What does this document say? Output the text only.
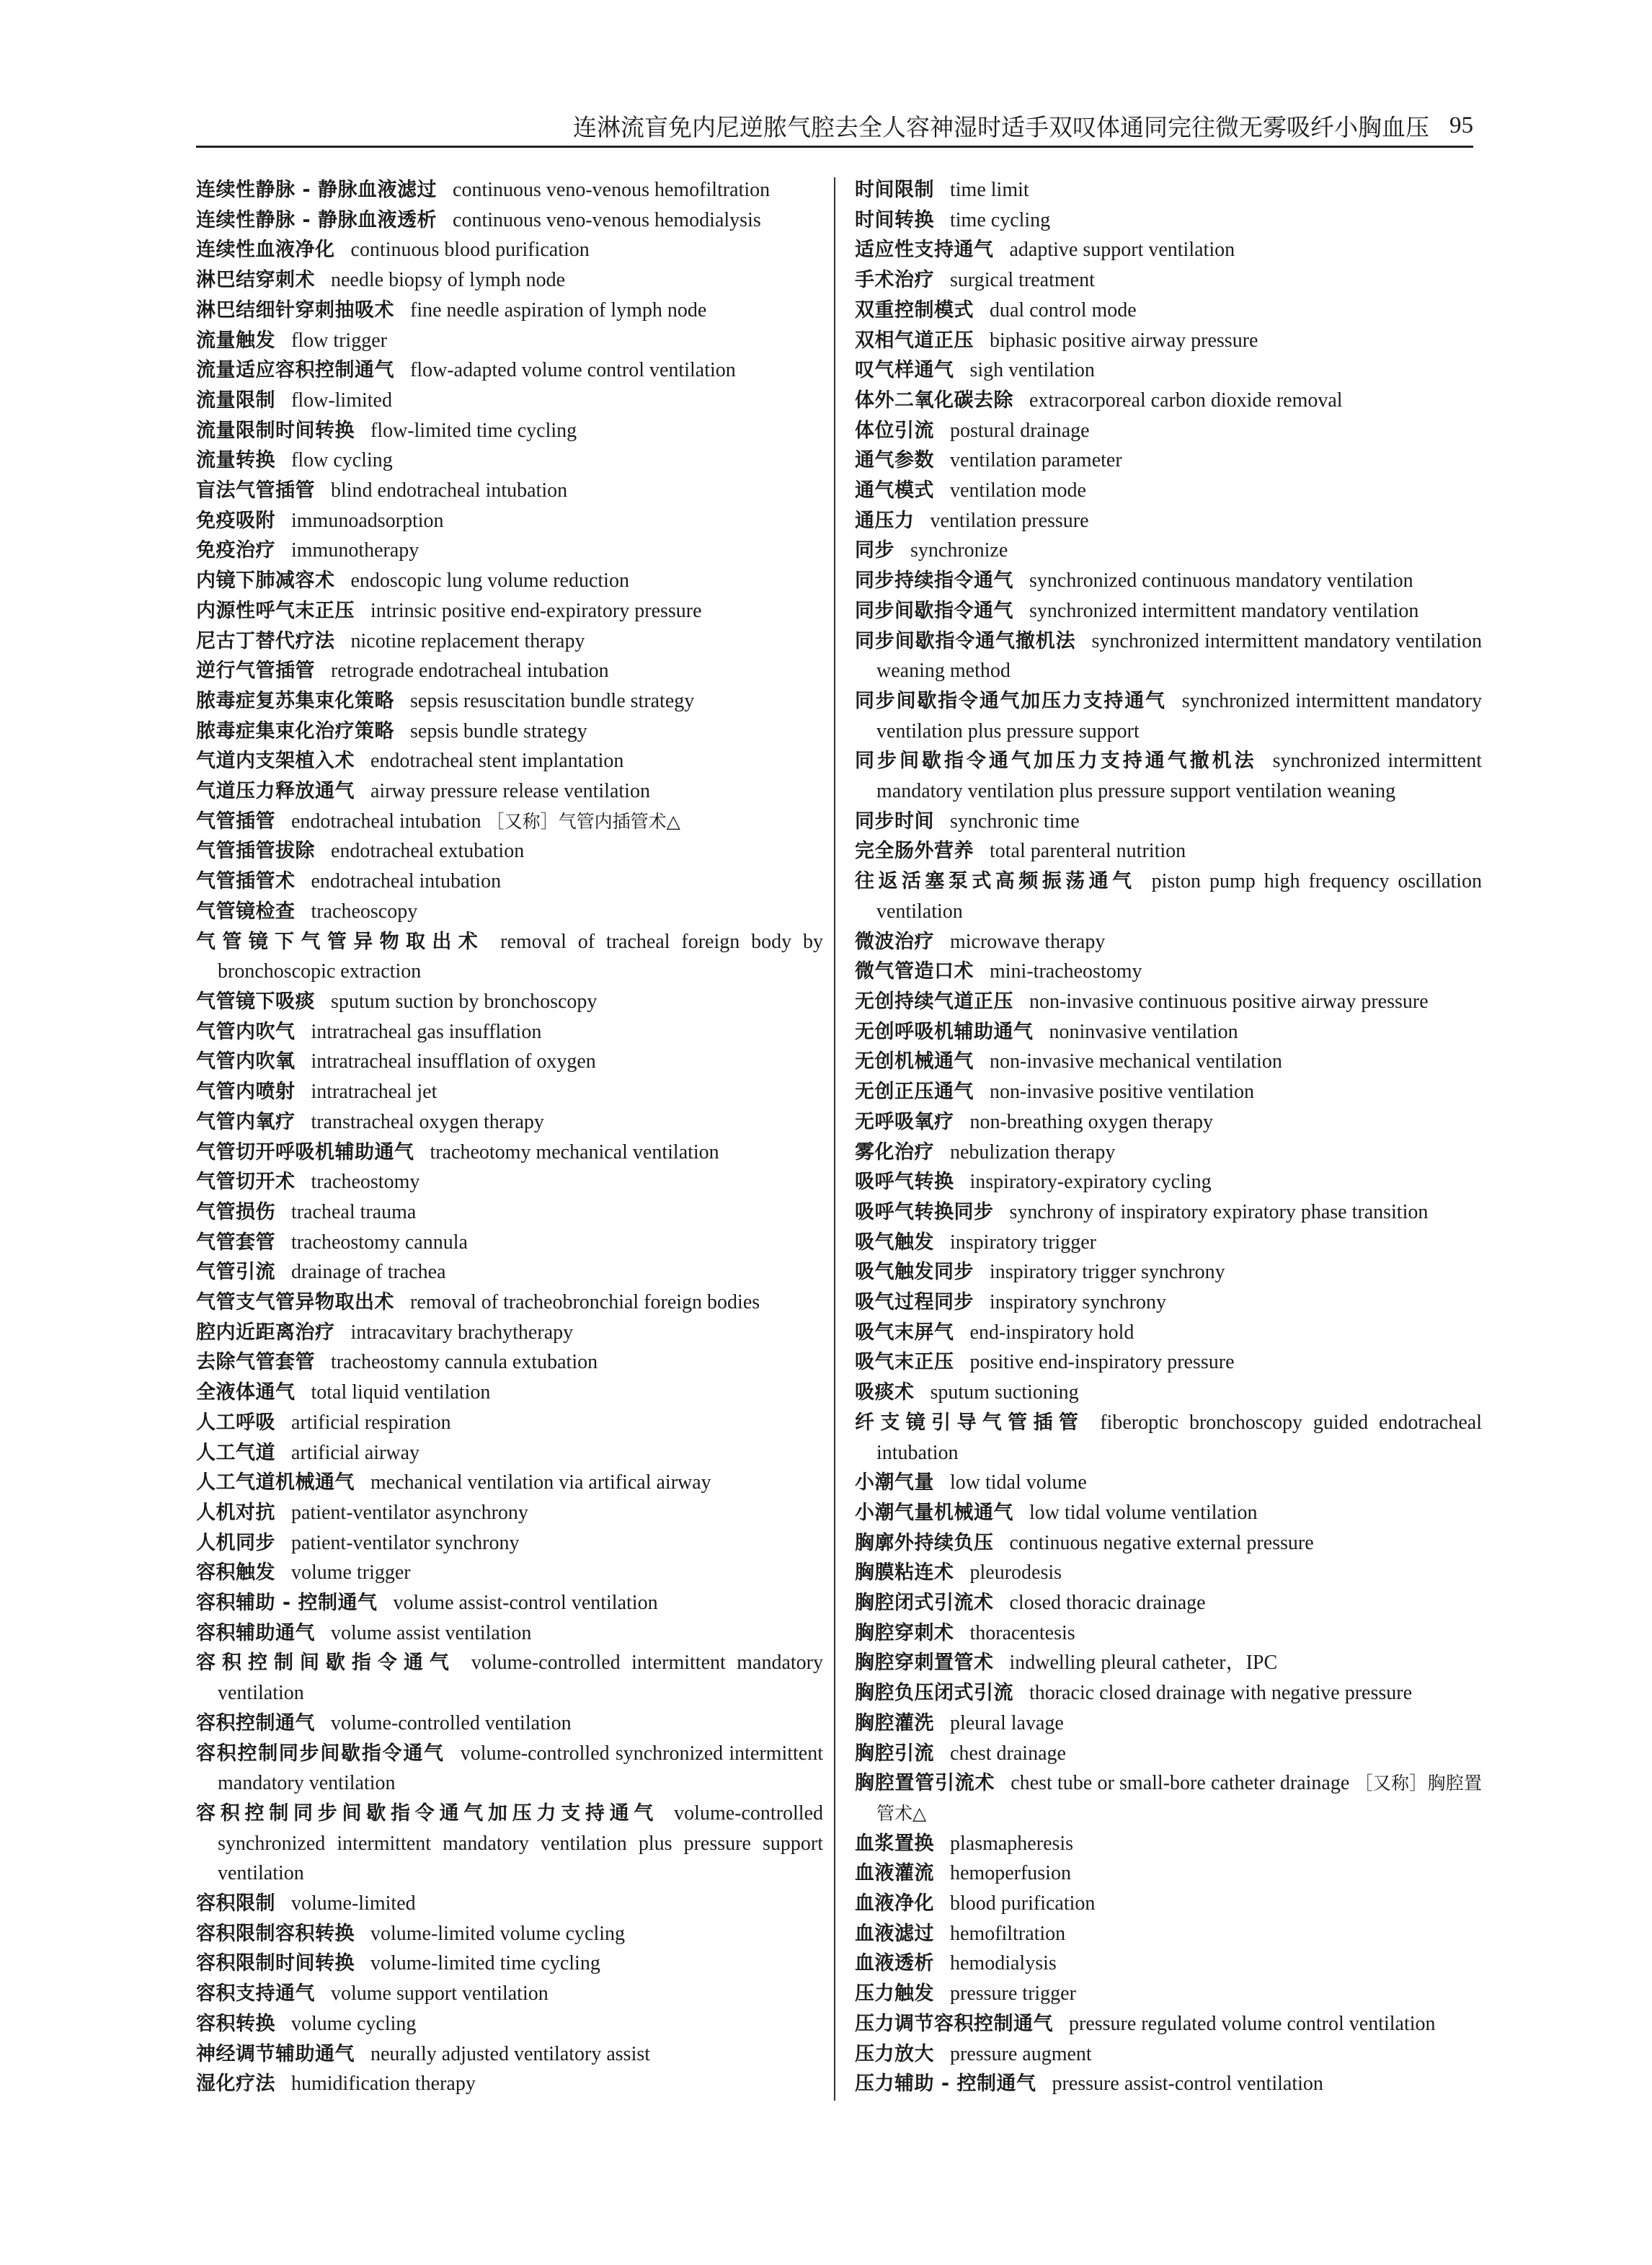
连淋流盲免内尼逆脓气腔去全人容神湿时适手双叹体通同完往微无雾吸纤小胸血压 95
连续性静脉 - 静脉血液滤过 continuous veno-venous hemofiltration
连续性静脉 - 静脉血液透析 continuous veno-venous hemodialysis
连续性血液净化 continuous blood purification
淋巴结穿刺术 needle biopsy of lymph node
淋巴结细针穿刺抽吸术 fine needle aspiration of lymph node
流量触发 flow trigger
流量适应容积控制通气 flow-adapted volume control ventilation
流量限制 flow-limited
流量限制时间转换 flow-limited time cycling
流量转换 flow cycling
盲法气管插管 blind endotracheal intubation
免疫吸附 immunoadsorption
免疫治疗 immunotherapy
内镜下肺减容术 endoscopic lung volume reduction
内源性呼气末正压 intrinsic positive end-expiratory pressure
尼古丁替代疗法 nicotine replacement therapy
逆行气管插管 retrograde endotracheal intubation
脓毒症复苏集束化策略 sepsis resuscitation bundle strategy
脓毒症集束化治疗策略 sepsis bundle strategy
气道内支架植入术 endotracheal stent implantation
气道压力释放通气 airway pressure release ventilation
气管插管 endotracheal intubation ［又称］气管内插管术△
气管插管拔除 endotracheal extubation
气管插管术 endotracheal intubation
气管镜检查 tracheoscopy
气管镜下气管异物取出术 removal of tracheal foreign body by bronchoscopic extraction
气管镜下吸痰 sputum suction by bronchoscopy
气管内吹气 intratracheal gas insufflation
气管内吹氧 intratracheal insufflation of oxygen
气管内喷射 intratracheal jet
气管内氧疗 transtracheal oxygen therapy
气管切开呼吸机辅助通气 tracheotomy mechanical ventilation
气管切开术 tracheostomy
气管损伤 tracheal trauma
气管套管 tracheostomy cannula
气管引流 drainage of trachea
气管支气管异物取出术 removal of tracheobronchial foreign bodies
腔内近距离治疗 intracavitary brachytherapy
去除气管套管 tracheostomy cannula extubation
全液体通气 total liquid ventilation
人工呼吸 artificial respiration
人工气道 artificial airway
人工气道机械通气 mechanical ventilation via artifical airway
人机对抗 patient-ventilator asynchrony
人机同步 patient-ventilator synchrony
容积触发 volume trigger
容积辅助 - 控制通气 volume assist-control ventilation
容积辅助通气 volume assist ventilation
容积控制间歇指令通气 volume-controlled intermittent mandatory ventilation
容积控制通气 volume-controlled ventilation
容积控制同步间歇指令通气 volume-controlled synchronized intermittent mandatory ventilation
容积控制同步间歇指令通气加压力支持通气 volume-controlled synchronized intermittent mandatory ventilation plus pressure support ventilation
容积限制 volume-limited
容积限制容积转换 volume-limited volume cycling
容积限制时间转换 volume-limited time cycling
容积支持通气 volume support ventilation
容积转换 volume cycling
神经调节辅助通气 neurally adjusted ventilatory assist
湿化疗法 humidification therapy
时间限制 time limit
时间转换 time cycling
适应性支持通气 adaptive support ventilation
手术治疗 surgical treatment
双重控制模式 dual control mode
双相气道正压 biphasic positive airway pressure
叹气样通气 sigh ventilation
体外二氧化碳去除 extracorporeal carbon dioxide removal
体位引流 postural drainage
通气参数 ventilation parameter
通气模式 ventilation mode
通压力 ventilation pressure
同步 synchronize
同步持续指令通气 synchronized continuous mandatory ventilation
同步间歇指令通气 synchronized intermittent mandatory ventilation
同步间歇指令通气撤机法 synchronized intermittent mandatory ventilation weaning method
同步间歇指令通气加压力支持通气 synchronized intermittent mandatory ventilation plus pressure support
同步间歇指令通气加压力支持通气撤机法 synchronized intermittent mandatory ventilation plus pressure support ventilation weaning
同步时间 synchronic time
完全肠外营养 total parenteral nutrition
往返活塞泵式高频振荡通气 piston pump high frequency oscillation ventilation
微波治疗 microwave therapy
微气管造口术 mini-tracheostomy
无创持续气道正压 non-invasive continuous positive airway pressure
无创呼吸机辅助通气 noninvasive ventilation
无创机械通气 non-invasive mechanical ventilation
无创正压通气 non-invasive positive ventilation
无呼吸氧疗 non-breathing oxygen therapy
雾化治疗 nebulization therapy
吸呼气转换 inspiratory-expiratory cycling
吸呼气转换同步 synchrony of inspiratory expiratory phase transition
吸气触发 inspiratory trigger
吸气触发同步 inspiratory trigger synchrony
吸气过程同步 inspiratory synchrony
吸气末屏气 end-inspiratory hold
吸气末正压 positive end-inspiratory pressure
吸痰术 sputum suctioning
纤支镜引导气管插管 fiberoptic bronchoscopy guided endotracheal intubation
小潮气量 low tidal volume
小潮气量机械通气 low tidal volume ventilation
胸廓外持续负压 continuous negative external pressure
胸膜粘连术 pleurodesis
胸腔闭式引流术 closed thoracic drainage
胸腔穿刺术 thoracentesis
胸腔穿刺置管术 indwelling pleural catheter，IPC
胸腔负压闭式引流 thoracic closed drainage with negative pressure
胸腔灌洗 pleural lavage
胸腔引流 chest drainage
胸腔置管引流术 chest tube or small-bore catheter drainage ［又称］胸腔置管术△
血浆置换 plasmapheresis
血液灌流 hemoperfusion
血液净化 blood purification
血液滤过 hemofiltration
血液透析 hemodialysis
压力触发 pressure trigger
压力调节容积控制通气 pressure regulated volume control ventilation
压力放大 pressure augment
压力辅助 - 控制通气 pressure assist-control ventilation
